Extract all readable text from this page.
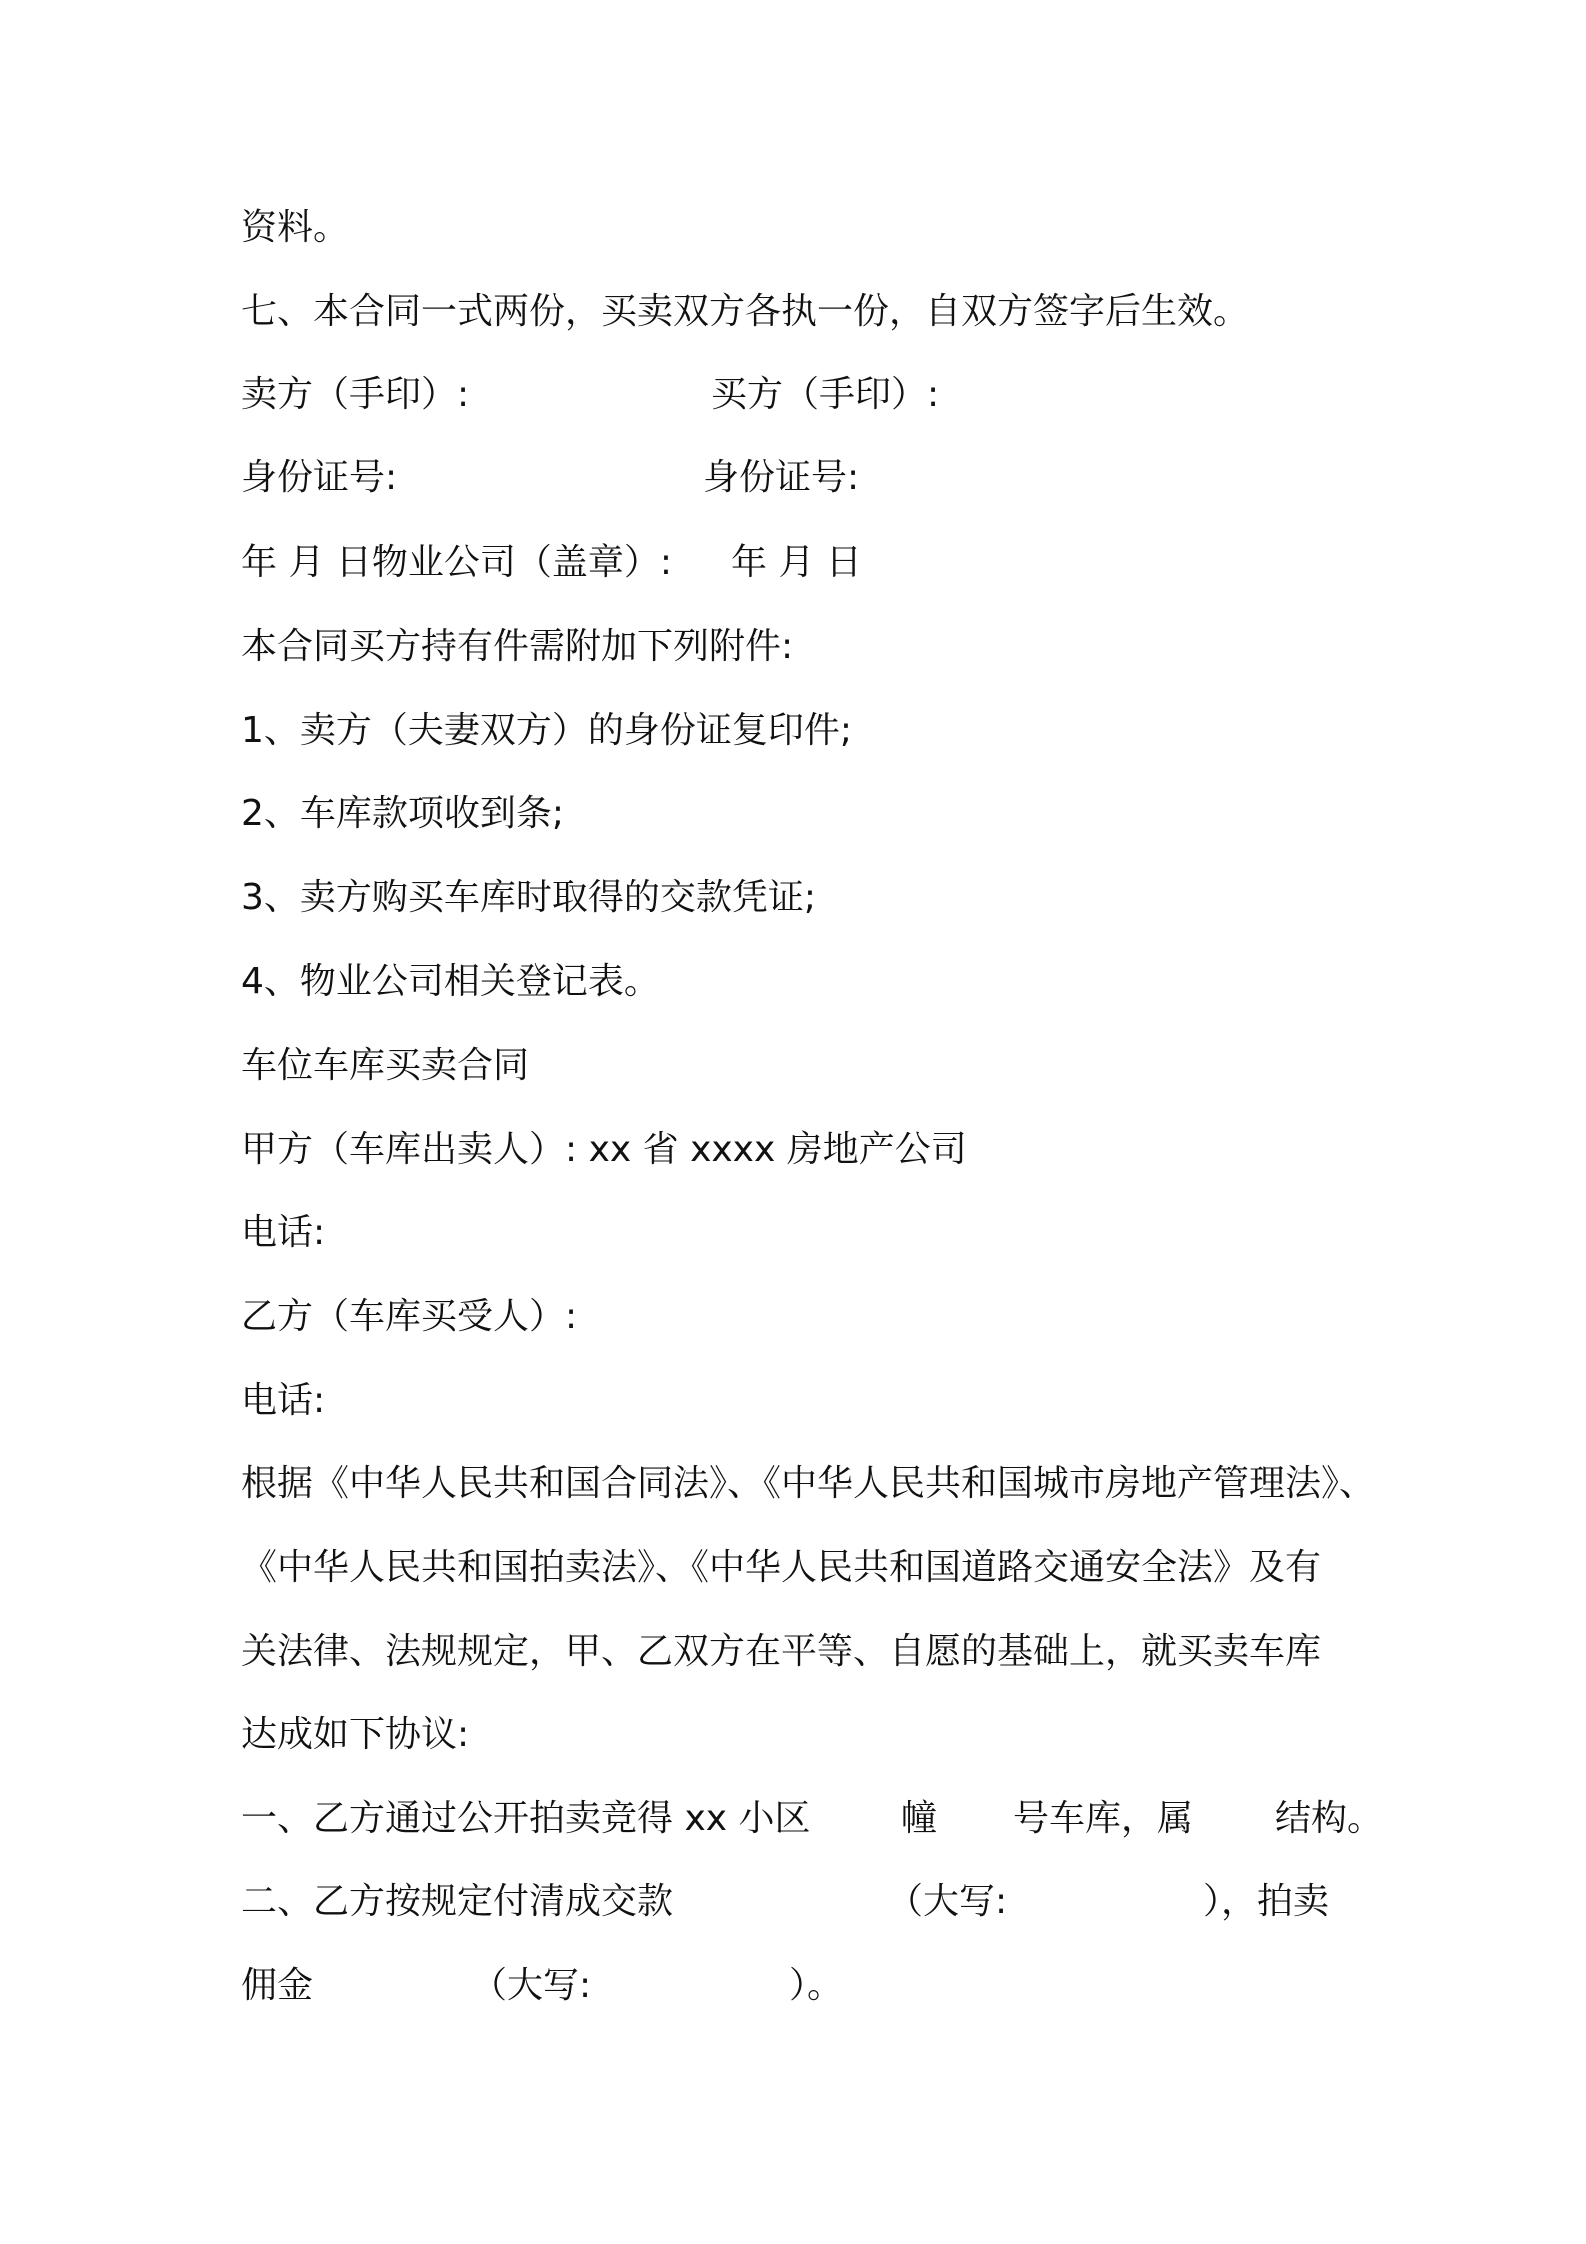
资料。
七、本合同一式两份，买卖双方各执一份，自双方签字后生效。
卖方（手印）:	买方（手印）:
身份证号:	身份证号:
年 月 日物业公司（盖章）: 年 月 日
本合同买方持有件需附加下列附件:
1、卖方（夫妻双方）的身份证复印件;
2、车库款项收到条;
3、卖方购买车库时取得的交款凭证;
4、物业公司相关登记表。
车位车库买卖合同
甲方（车库出卖人）: xx 省 xxxx 房地产公司
电话:
乙方（车库买受人）:
电话:
根据《中华人民共和国合同法》、《中华人民共和国城市房地产管理法》、
《中华人民共和国拍卖法》、《中华人民共和国道路交通安全法》及有
关法律、法规规定，甲、乙双方在平等、自愿的基础上，就买卖车库
达成如下协议:
一、乙方通过公开拍卖竞得 xx 小区	幢 号车库，属 结构。
二、乙方按规定付清成交款	（大写:	），拍卖
佣金	（大写:	）。
